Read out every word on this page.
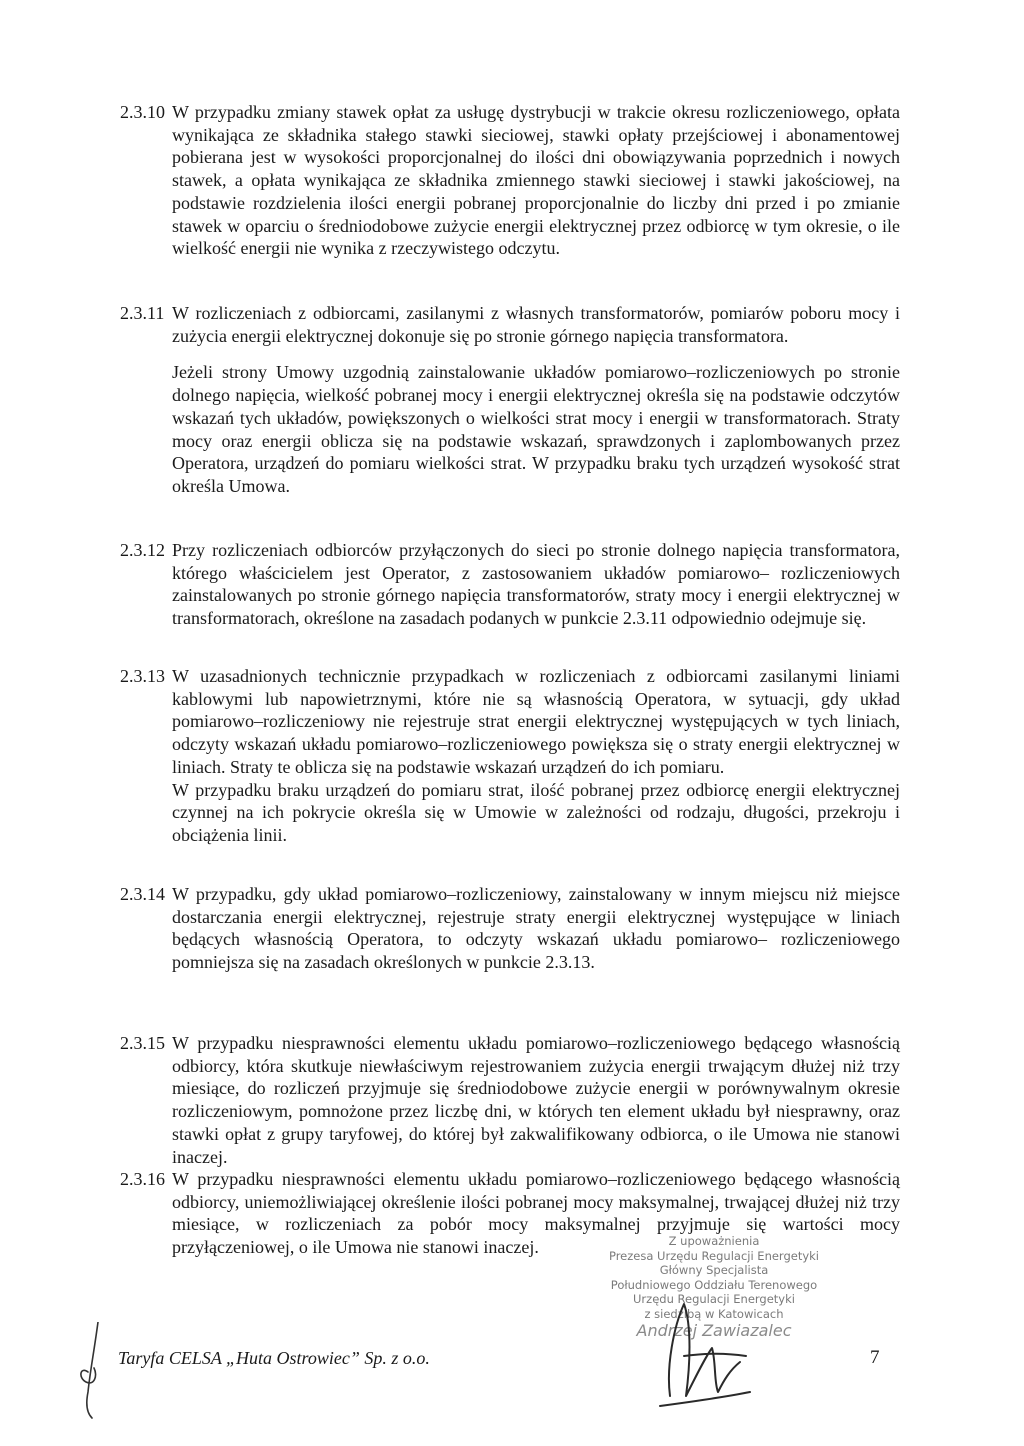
2.3.10 W przypadku zmiany stawek opłat za usługę dystrybucji w trakcie okresu rozliczeniowego, opłata wynikająca ze składnika stałego stawki sieciowej, stawki opłaty przejściowej i abonamentowej pobierana jest w wysokości proporcjonalnej do ilości dni obowiązywania poprzednich i nowych stawek, a opłata wynikająca ze składnika zmiennego stawki sieciowej i stawki jakościowej, na podstawie rozdzielenia ilości energii pobranej proporcjonalnie do liczby dni przed i po zmianie stawek w oparciu o średniodobowe zużycie energii elektrycznej przez odbiorcę w tym okresie, o ile wielkość energii nie wynika z rzeczywistego odczytu.

2.3.11 W rozliczeniach z odbiorcami, zasilanymi z własnych transformatorów, pomiarów poboru mocy i zużycia energii elektrycznej dokonuje się po stronie górnego napięcia transformatora.

Jeżeli strony Umowy uzgodnią zainstalowanie układów pomiarowo–rozliczeniowych po stronie dolnego napięcia, wielkość pobranej mocy i energii elektrycznej określa się na podstawie odczytów wskazań tych układów, powiększonych o wielkości strat mocy i energii w transformatorach. Straty mocy oraz energii oblicza się na podstawie wskazań, sprawdzonych i zaplombowanych przez Operatora, urządzeń do pomiaru wielkości strat. W przypadku braku tych urządzeń wysokość strat określa Umowa.

2.3.12 Przy rozliczeniach odbiorców przyłączonych do sieci po stronie dolnego napięcia transformatora, którego właścicielem jest Operator, z zastosowaniem układów pomiarowo– rozliczeniowych zainstalowanych po stronie górnego napięcia transformatorów, straty mocy i energii elektrycznej w transformatorach, określone na zasadach podanych w punkcie 2.3.11 odpowiednio odejmuje się.

2.3.13 W uzasadnionych technicznie przypadkach w rozliczeniach z odbiorcami zasilanymi liniami kablowymi lub napowietrznymi, które nie są własnością Operatora, w sytuacji, gdy układ pomiarowo–rozliczeniowy nie rejestruje strat energii elektrycznej występujących w tych liniach, odczyty wskazań układu pomiarowo–rozliczeniowego powiększa się o straty energii elektrycznej w liniach. Straty te oblicza się na podstawie wskazań urządzeń do ich pomiaru.

W przypadku braku urządzeń do pomiaru strat, ilość pobranej przez odbiorcę energii elektrycznej czynnej na ich pokrycie określa się w Umowie w zależności od rodzaju, długości, przekroju i obciążenia linii.

2.3.14 W przypadku, gdy układ pomiarowo–rozliczeniowy, zainstalowany w innym miejscu niż miejsce dostarczania energii elektrycznej, rejestruje straty energii elektrycznej występujące w liniach będących własnością Operatora, to odczyty wskazań układu pomiarowo– rozliczeniowego pomniejsza się na zasadach określonych w punkcie 2.3.13.

2.3.15 W przypadku niesprawności elementu układu pomiarowo–rozliczeniowego będącego własnością odbiorcy, która skutkuje niewłaściwym rejestrowaniem zużycia energii trwającym dłużej niż trzy miesiące, do rozliczeń przyjmuje się średniodobowe zużycie energii w porównywalnym okresie rozliczeniowym, pomnożone przez liczbę dni, w których ten element układu był niesprawny, oraz stawki opłat z grupy taryfowej, do której był zakwalifikowany odbiorca, o ile Umowa nie stanowi inaczej.

2.3.16 W przypadku niesprawności elementu układu pomiarowo–rozliczeniowego będącego własnością odbiorcy, uniemożliwiającej określenie ilości pobranej mocy maksymalnej, trwającej dłużej niż trzy miesiące, w rozliczeniach za pobór mocy maksymalnej przyjmuje się wartości mocy przyłączeniowej, o ile Umowa nie stanowi inaczej.	Z upoważnienia
Prezesa Urzędu Regulacji Energetyki
Główny Specjalista
Południowego Oddziału Terenowego
Urzędu Regulacji Energetyki
z siedzibą w Katowicach
Andrzej Zawiazalec
Taryfa CELSA „Huta Ostrowiec” Sp. z o.o.	7
